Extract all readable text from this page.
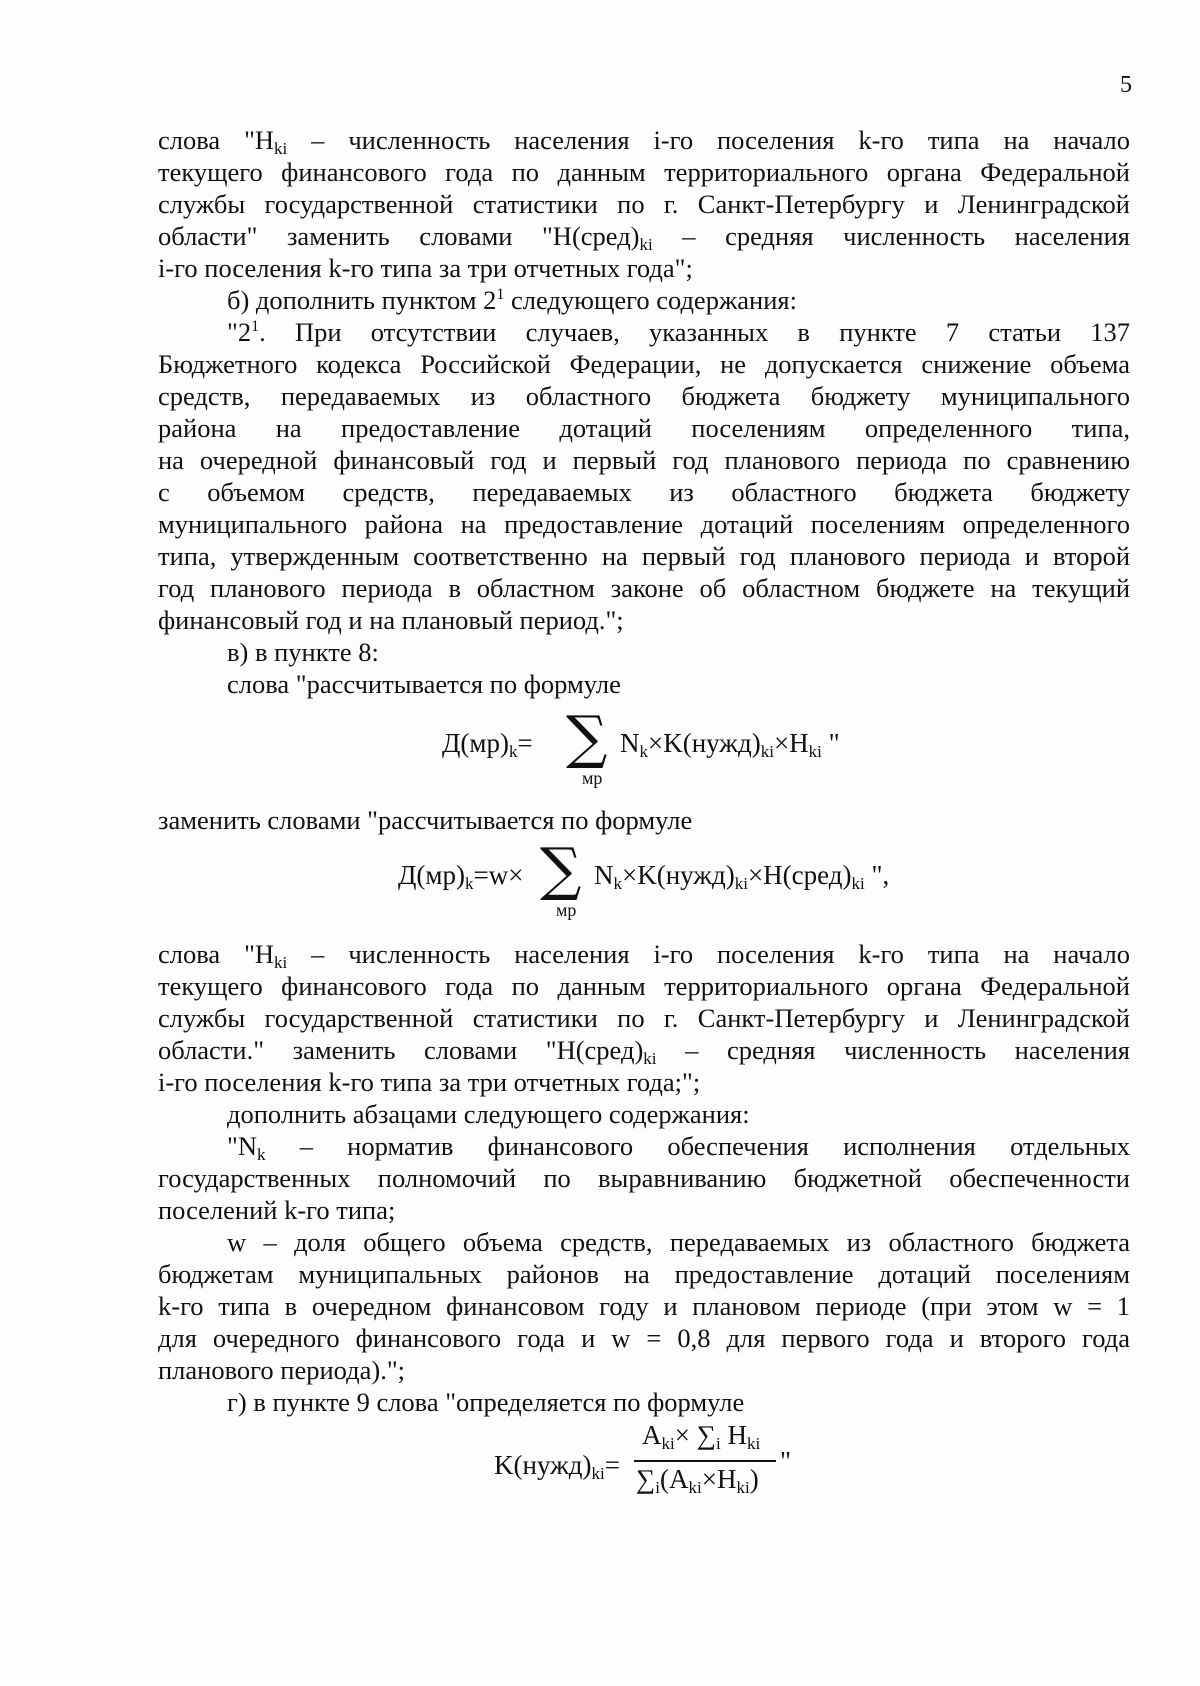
5
слова "$Н_{ki}$ – численность населения i-го поселения k-го типа на начало
текущего финансового года по данным территориального органа Федеральной
службы государственной статистики по г. Санкт-Петербургу и Ленинградской
области" заменить словами "$Н(сред)_{ki}$ – средняя численность населения
i-го поселения k-го типа за три отчетных года";
б) дополнить пунктом $2^1$ следующего содержания:
"$2^1$. При отсутствии случаев, указанных в пункте 7 статьи 137
Бюджетного кодекса Российской Федерации, не допускается снижение объема
средств, передаваемых из областного бюджета бюджету муниципального
района на предоставление дотаций поселениям определенного типа,
на очередной финансовый год и первый год планового периода по сравнению
с объемом средств, передаваемых из областного бюджета бюджету
муниципального района на предоставление дотаций поселениям определенного
типа, утвержденным соответственно на первый год планового периода и второй
год планового периода в областном законе об областном бюджете на текущий
финансовый год и на плановый период.";
в) в пункте 8:
слова "рассчитывается по формуле
$Д(мр)_k=$ ∑
мр
$N_k\times K(нужд)_{ki}\times Н_{ki}$ "
заменить словами "рассчитывается по формуле
$Д(мр)_k=w\times$ ∑
мр
$N_k\times K(нужд)_{ki}\times Н(сред)_{ki}$ ",
слова "$Н_{ki}$ – численность населения i-го поселения k-го типа на начало
текущего финансового года по данным территориального органа Федеральной
службы государственной статистики по г. Санкт-Петербургу и Ленинградской
области." заменить словами "$Н(сред)_{ki}$ – средняя численность населения
i-го поселения k-го типа за три отчетных года;";
дополнить абзацами следующего содержания:
"$N_k$ – норматив финансового обеспечения исполнения отдельных
государственных полномочий по выравниванию бюджетной обеспеченности
поселений k-го типа;
w – доля общего объема средств, передаваемых из областного бюджета
бюджетам муниципальных районов на предоставление дотаций поселениям
k-го типа в очередном финансовом году и плановом периоде (при этом w = 1
для очередного финансового года и w = 0,8 для первого года и второго года
планового периода).";
г) в пункте 9 слова "определяется по формуле
$K(нужд)_{ki}=$
$A_{ki}\times \sum_i$ $Н_{ki}$
$\sum_i(A_{ki}\times Н_{ki})$
"
